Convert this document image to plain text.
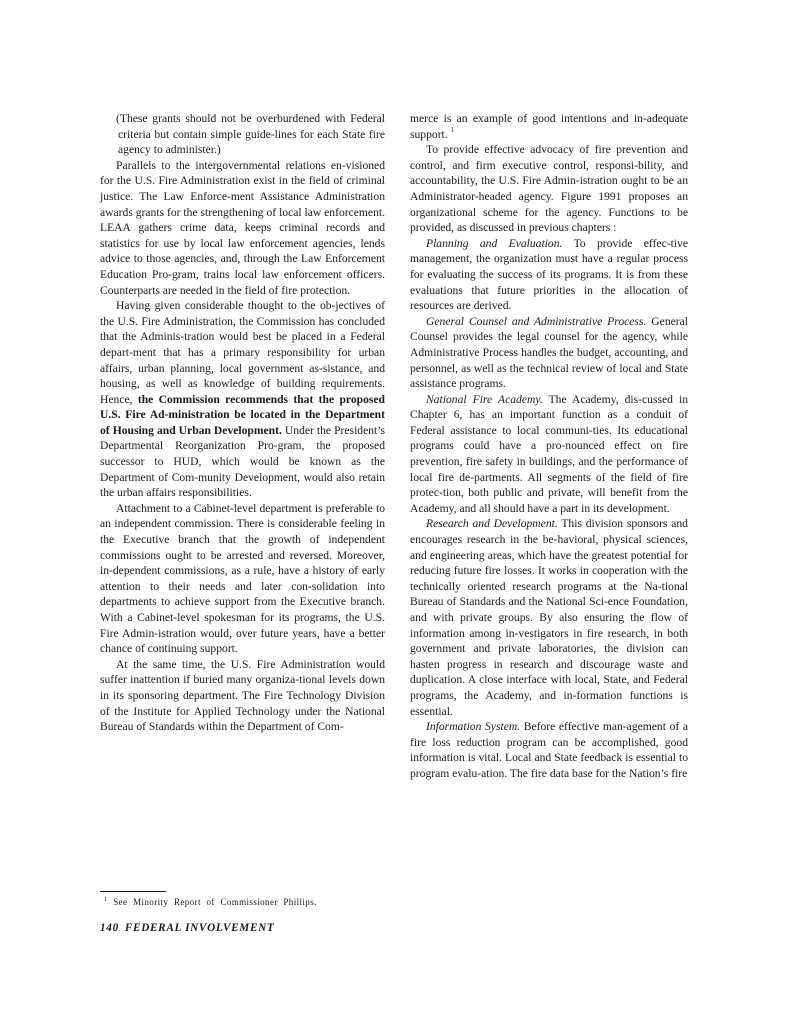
(These grants should not be overburdened with Federal criteria but contain simple guide-lines for each State fire agency to administer.)

Parallels to the intergovernmental relations en-visioned for the U.S. Fire Administration exist in the field of criminal justice. The Law Enforce-ment Assistance Administration awards grants for the strengthening of local law enforcement. LEAA gathers crime data, keeps criminal records and statistics for use by local law enforcement agencies, lends advice to those agencies, and, through the Law Enforcement Education Pro-gram, trains local law enforcement officers. Counterparts are needed in the field of fire protection.

Having given considerable thought to the ob-jectives of the U.S. Fire Administration, the Commission has concluded that the Adminis-tration would best be placed in a Federal depart-ment that has a primary responsibility for urban affairs, urban planning, local government as-sistance, and housing, as well as knowledge of building requirements. Hence, the Commission recommends that the proposed U.S. Fire Ad-ministration be located in the Department of Housing and Urban Development. Under the President’s Departmental Reorganization Pro-gram, the proposed successor to HUD, which would be known as the Department of Com-munity Development, would also retain the urban affairs responsibilities.

Attachment to a Cabinet-level department is preferable to an independent commission. There is considerable feeling in the Executive branch that the growth of independent commissions ought to be arrested and reversed. Moreover, in-dependent commissions, as a rule, have a history of early attention to their needs and later con-solidation into departments to achieve support from the Executive branch. With a Cabinet-level spokesman for its programs, the U.S. Fire Admin-istration would, over future years, have a better chance of continuing support.

At the same time, the U.S. Fire Administration would suffer inattention if buried many organiza-tional levels down in its sponsoring department. The Fire Technology Division of the Institute for Applied Technology under the National Bureau of Standards within the Department of Com-

merce is an example of good intentions and in-adequate support. $^1$

To provide effective advocacy of fire prevention and control, and firm executive control, responsi-bility, and accountability, the U.S. Fire Admin-istration ought to be an Administrator-headed agency. Figure 1991 proposes an organizational scheme for the agency. Functions to be provided, as discussed in previous chapters :

Planning and Evaluation. To provide effec-tive management, the organization must have a regular process for evaluating the success of its programs. It is from these evaluations that future priorities in the allocation of resources are derived.

General Counsel and Administrative Process. General Counsel provides the legal counsel for the agency, while Administrative Process handles the budget, accounting, and personnel, as well as the technical review of local and State assistance programs.

National Fire Academy. The Academy, dis-cussed in Chapter 6, has an important function as a conduit of Federal assistance to local communi-ties. Its educational programs could have a pro-nounced effect on fire prevention, fire safety in buildings, and the performance of local fire de-partments. All segments of the field of fire protec-tion, both public and private, will benefit from the Academy, and all should have a part in its development.

Research and Development. This division sponsors and encourages research in the be-havioral, physical sciences, and engineering areas, which have the greatest potential for reducing future fire losses. It works in cooperation with the technically oriented research programs at the Na-tional Bureau of Standards and the National Sci-ence Foundation, and with private groups. By also ensuring the flow of information among in-vestigators in fire research, in both government and private laboratories, the division can hasten progress in research and discourage waste and duplication. A close interface with local, State, and Federal programs, the Academy, and in-formation functions is essential.

Information System. Before effective man-agement of a fire loss reduction program can be accomplished, good information is vital. Local and State feedback is essential to program evalu-ation. The fire data base for the Nation’s fire

$^1$ See Minority Report of Commissioner Phillips.
140 FEDERAL INVOLVEMENT
